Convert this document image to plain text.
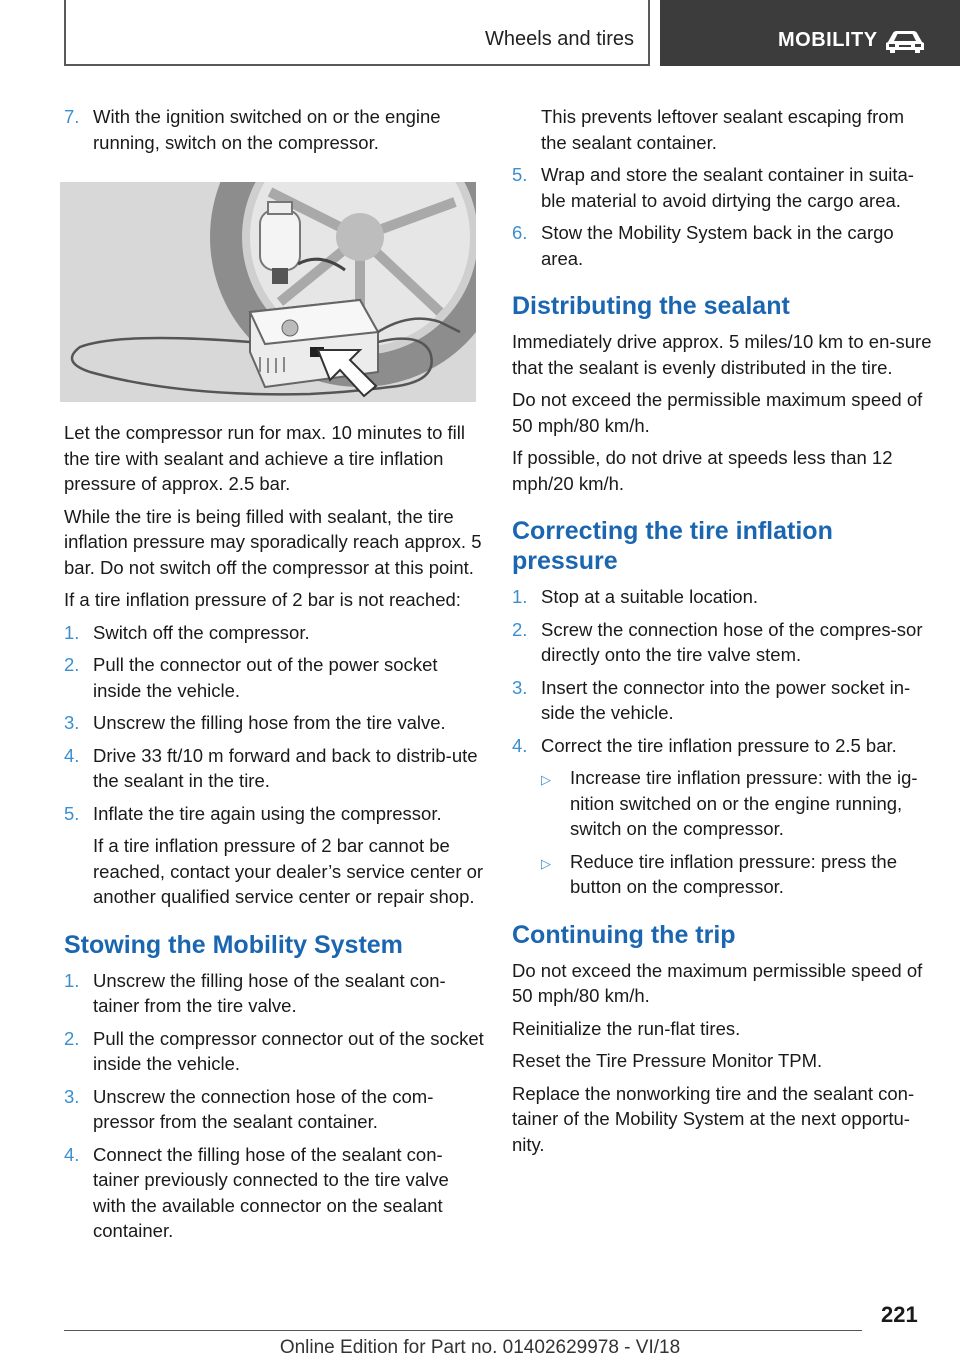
Wheels and tires	MOBILITY
7. With the ignition switched on or the engine running, switch on the compressor.

Let the compressor run for max. 10 minutes to fill the tire with sealant and achieve a tire inflation pressure of approx. 2.5 bar.

While the tire is being filled with sealant, the tire inflation pressure may sporadically reach approx. 5 bar. Do not switch off the compressor at this point.

If a tire inflation pressure of 2 bar is not reached:

1. Switch off the compressor.
2. Pull the connector out of the power socket inside the vehicle.
3. Unscrew the filling hose from the tire valve.
4. Drive 33 ft/10 m forward and back to distrib‐ute the sealant in the tire.
5. Inflate the tire again using the compressor.

If a tire inflation pressure of 2 bar cannot be reached, contact your dealer’s service center or another qualified service center or repair shop.

Stowing the Mobility System
1. Unscrew the filling hose of the sealant con‐tainer from the tire valve.
2. Pull the compressor connector out of the socket inside the vehicle.
3. Unscrew the connection hose of the com‐pressor from the sealant container.
4. Connect the filling hose of the sealant con‐tainer previously connected to the tire valve with the available connector on the sealant container.

This prevents leftover sealant escaping from the sealant container.

5. Wrap and store the sealant container in suita‐ble material to avoid dirtying the cargo area.
6. Stow the Mobility System back in the cargo area.
Distributing the sealant

Immediately drive approx. 5 miles/10 km to en‐sure that the sealant is evenly distributed in the tire.

Do not exceed the permissible maximum speed of 50 mph/80 km/h.

If possible, do not drive at speeds less than 12 mph/20 km/h.

Correcting the tire inflation pressure
1. Stop at a suitable location.
2. Screw the connection hose of the compres‐sor directly onto the tire valve stem.
3. Insert the connector into the power socket in‐side the vehicle.
4. Correct the tire inflation pressure to 2.5 bar.
▷	Increase tire inflation pressure: with the ig‐nition switched on or the engine running, switch on the compressor.
▷	Reduce tire inflation pressure: press the button on the compressor.
Continuing the trip

Do not exceed the maximum permissible speed of 50 mph/80 km/h.

Reinitialize the run-flat tires.

Reset the Tire Pressure Monitor TPM.

Replace the nonworking tire and the sealant con‐tainer of the Mobility System at the next opportu‐nity.

221
Online Edition for Part no. 01402629978 - VI/18
